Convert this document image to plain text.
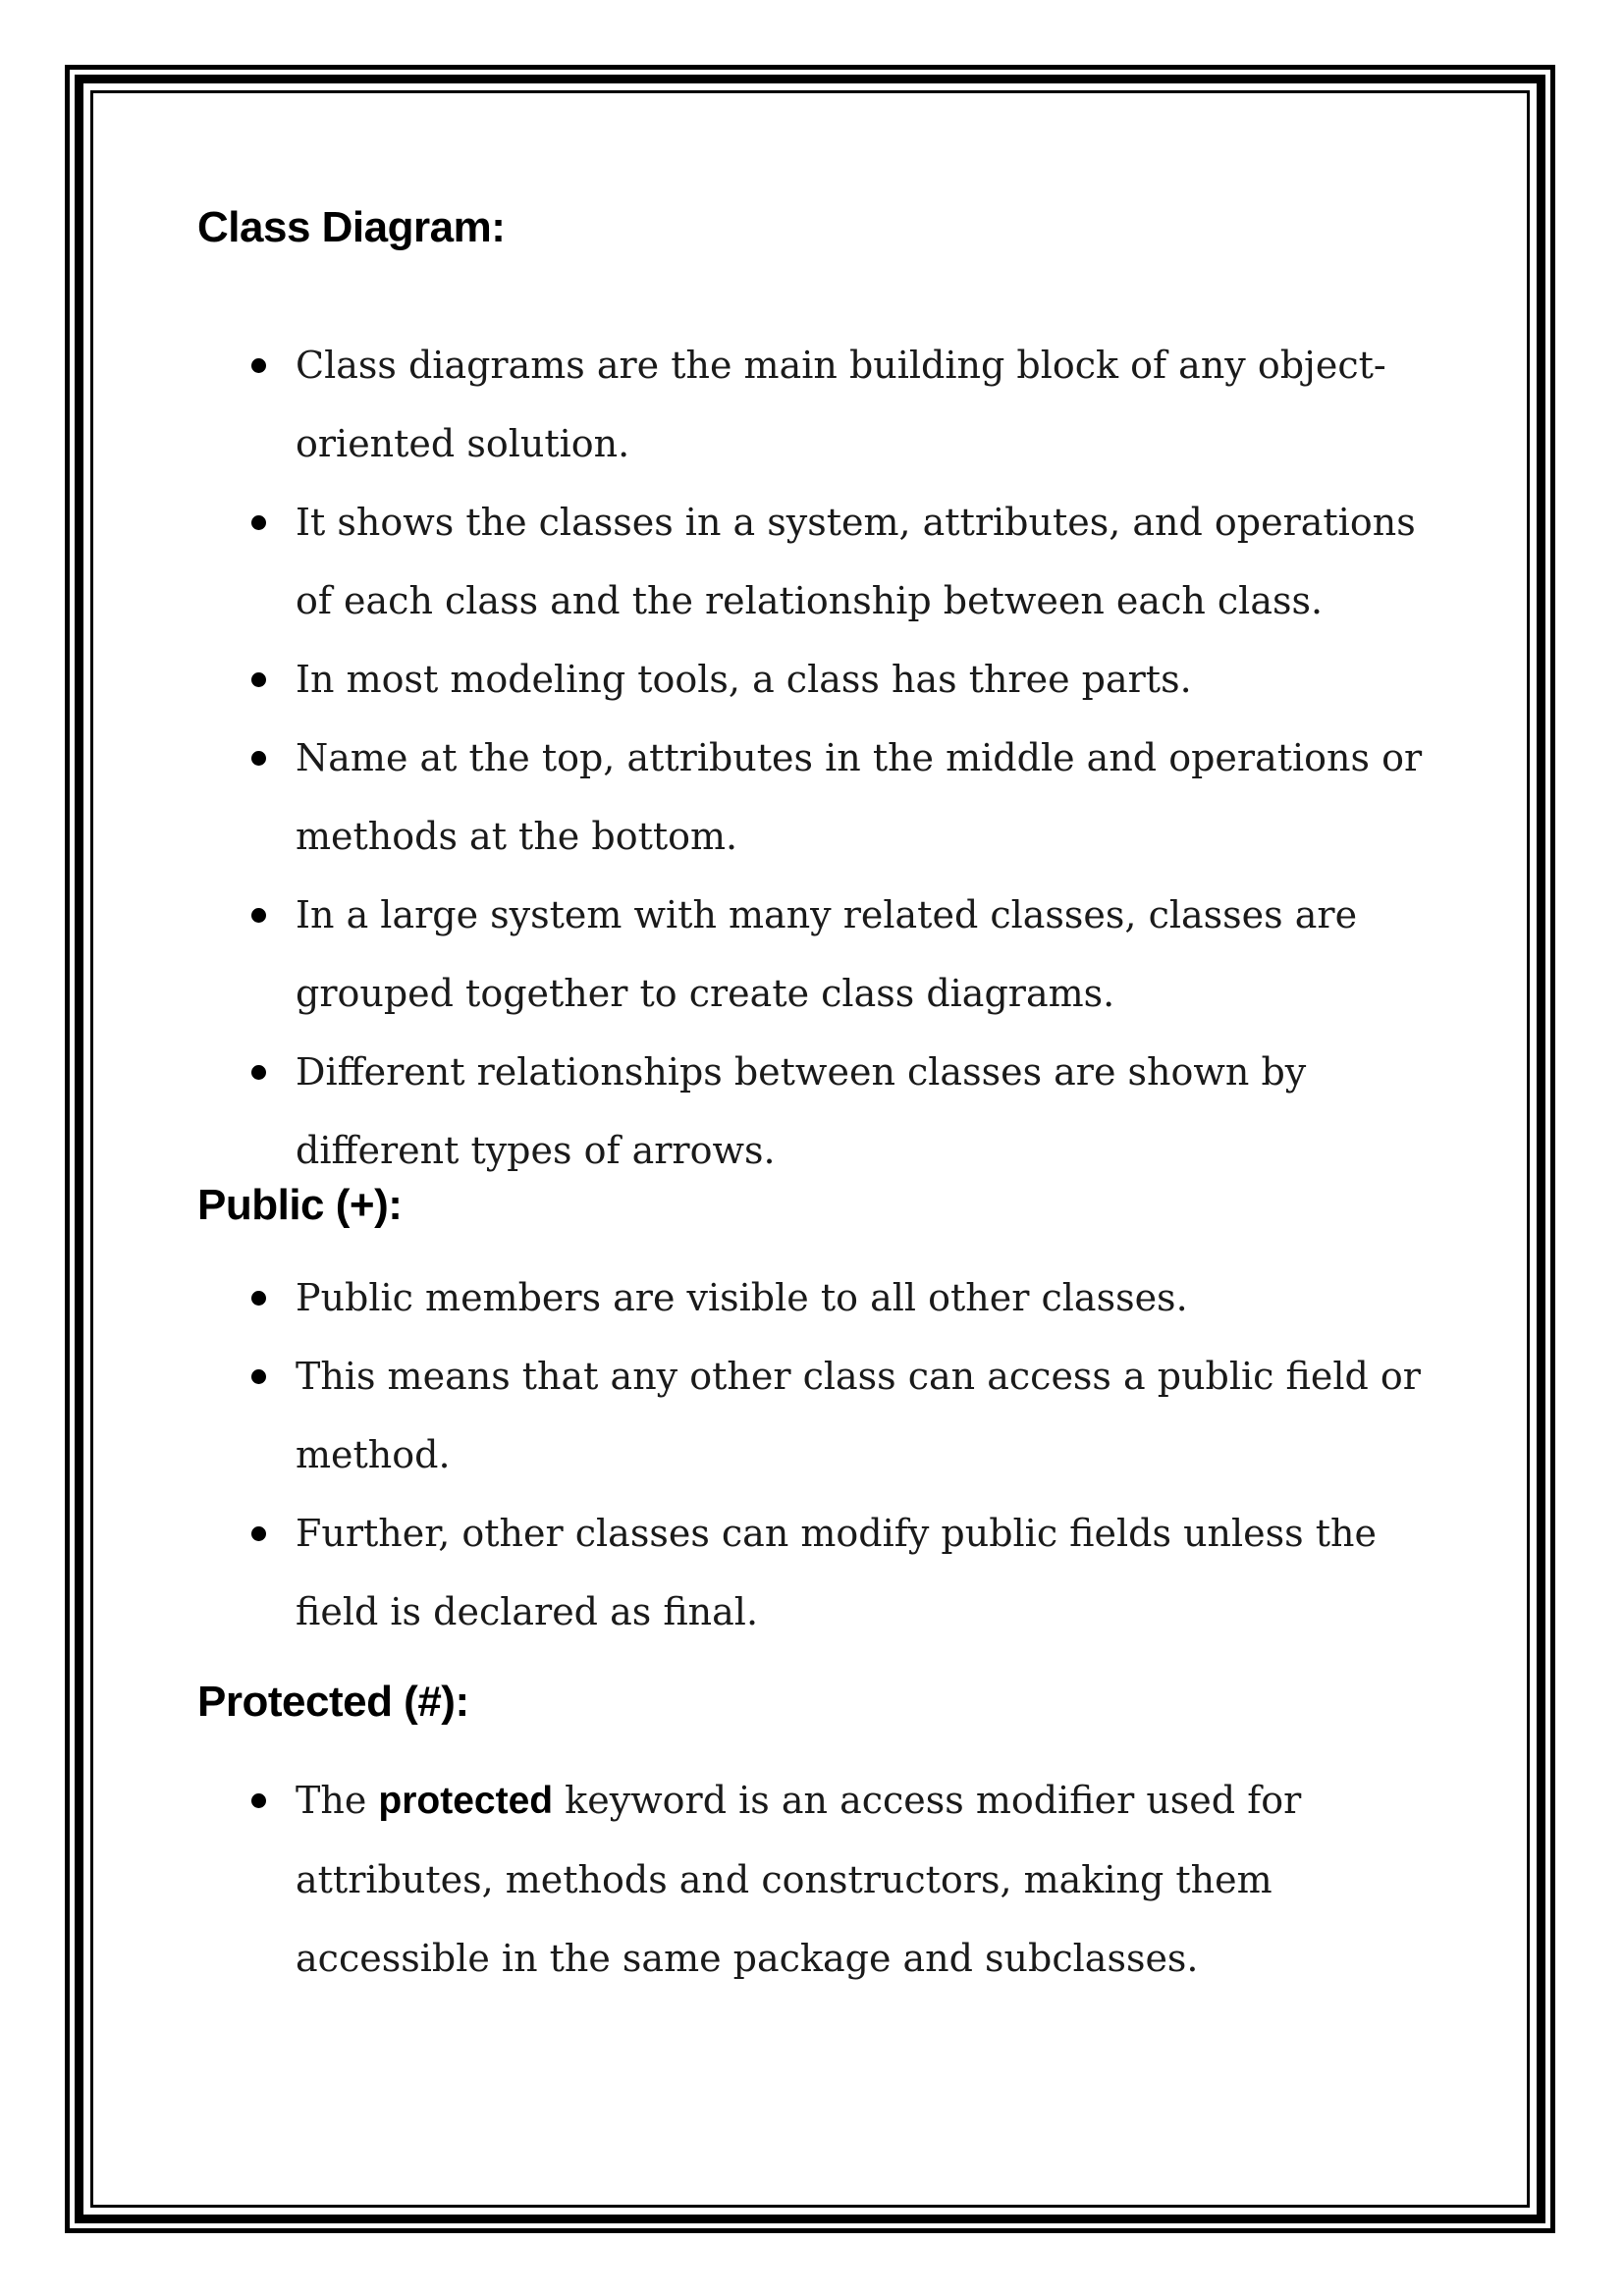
Class Diagram:
Class diagrams are the main building block of any object-oriented solution.
It shows the classes in a system, attributes, and operations of each class and the relationship between each class.
In most modeling tools, a class has three parts.
Name at the top, attributes in the middle and operations or methods at the bottom.
In a large system with many related classes, classes are grouped together to create class diagrams.
Different relationships between classes are shown by different types of arrows.
Public (+):
Public members are visible to all other classes.
This means that any other class can access a public field or method.
Further, other classes can modify public fields unless the field is declared as final.
Protected (#):
The protected keyword is an access modifier used for attributes, methods and constructors, making them accessible in the same package and subclasses.
